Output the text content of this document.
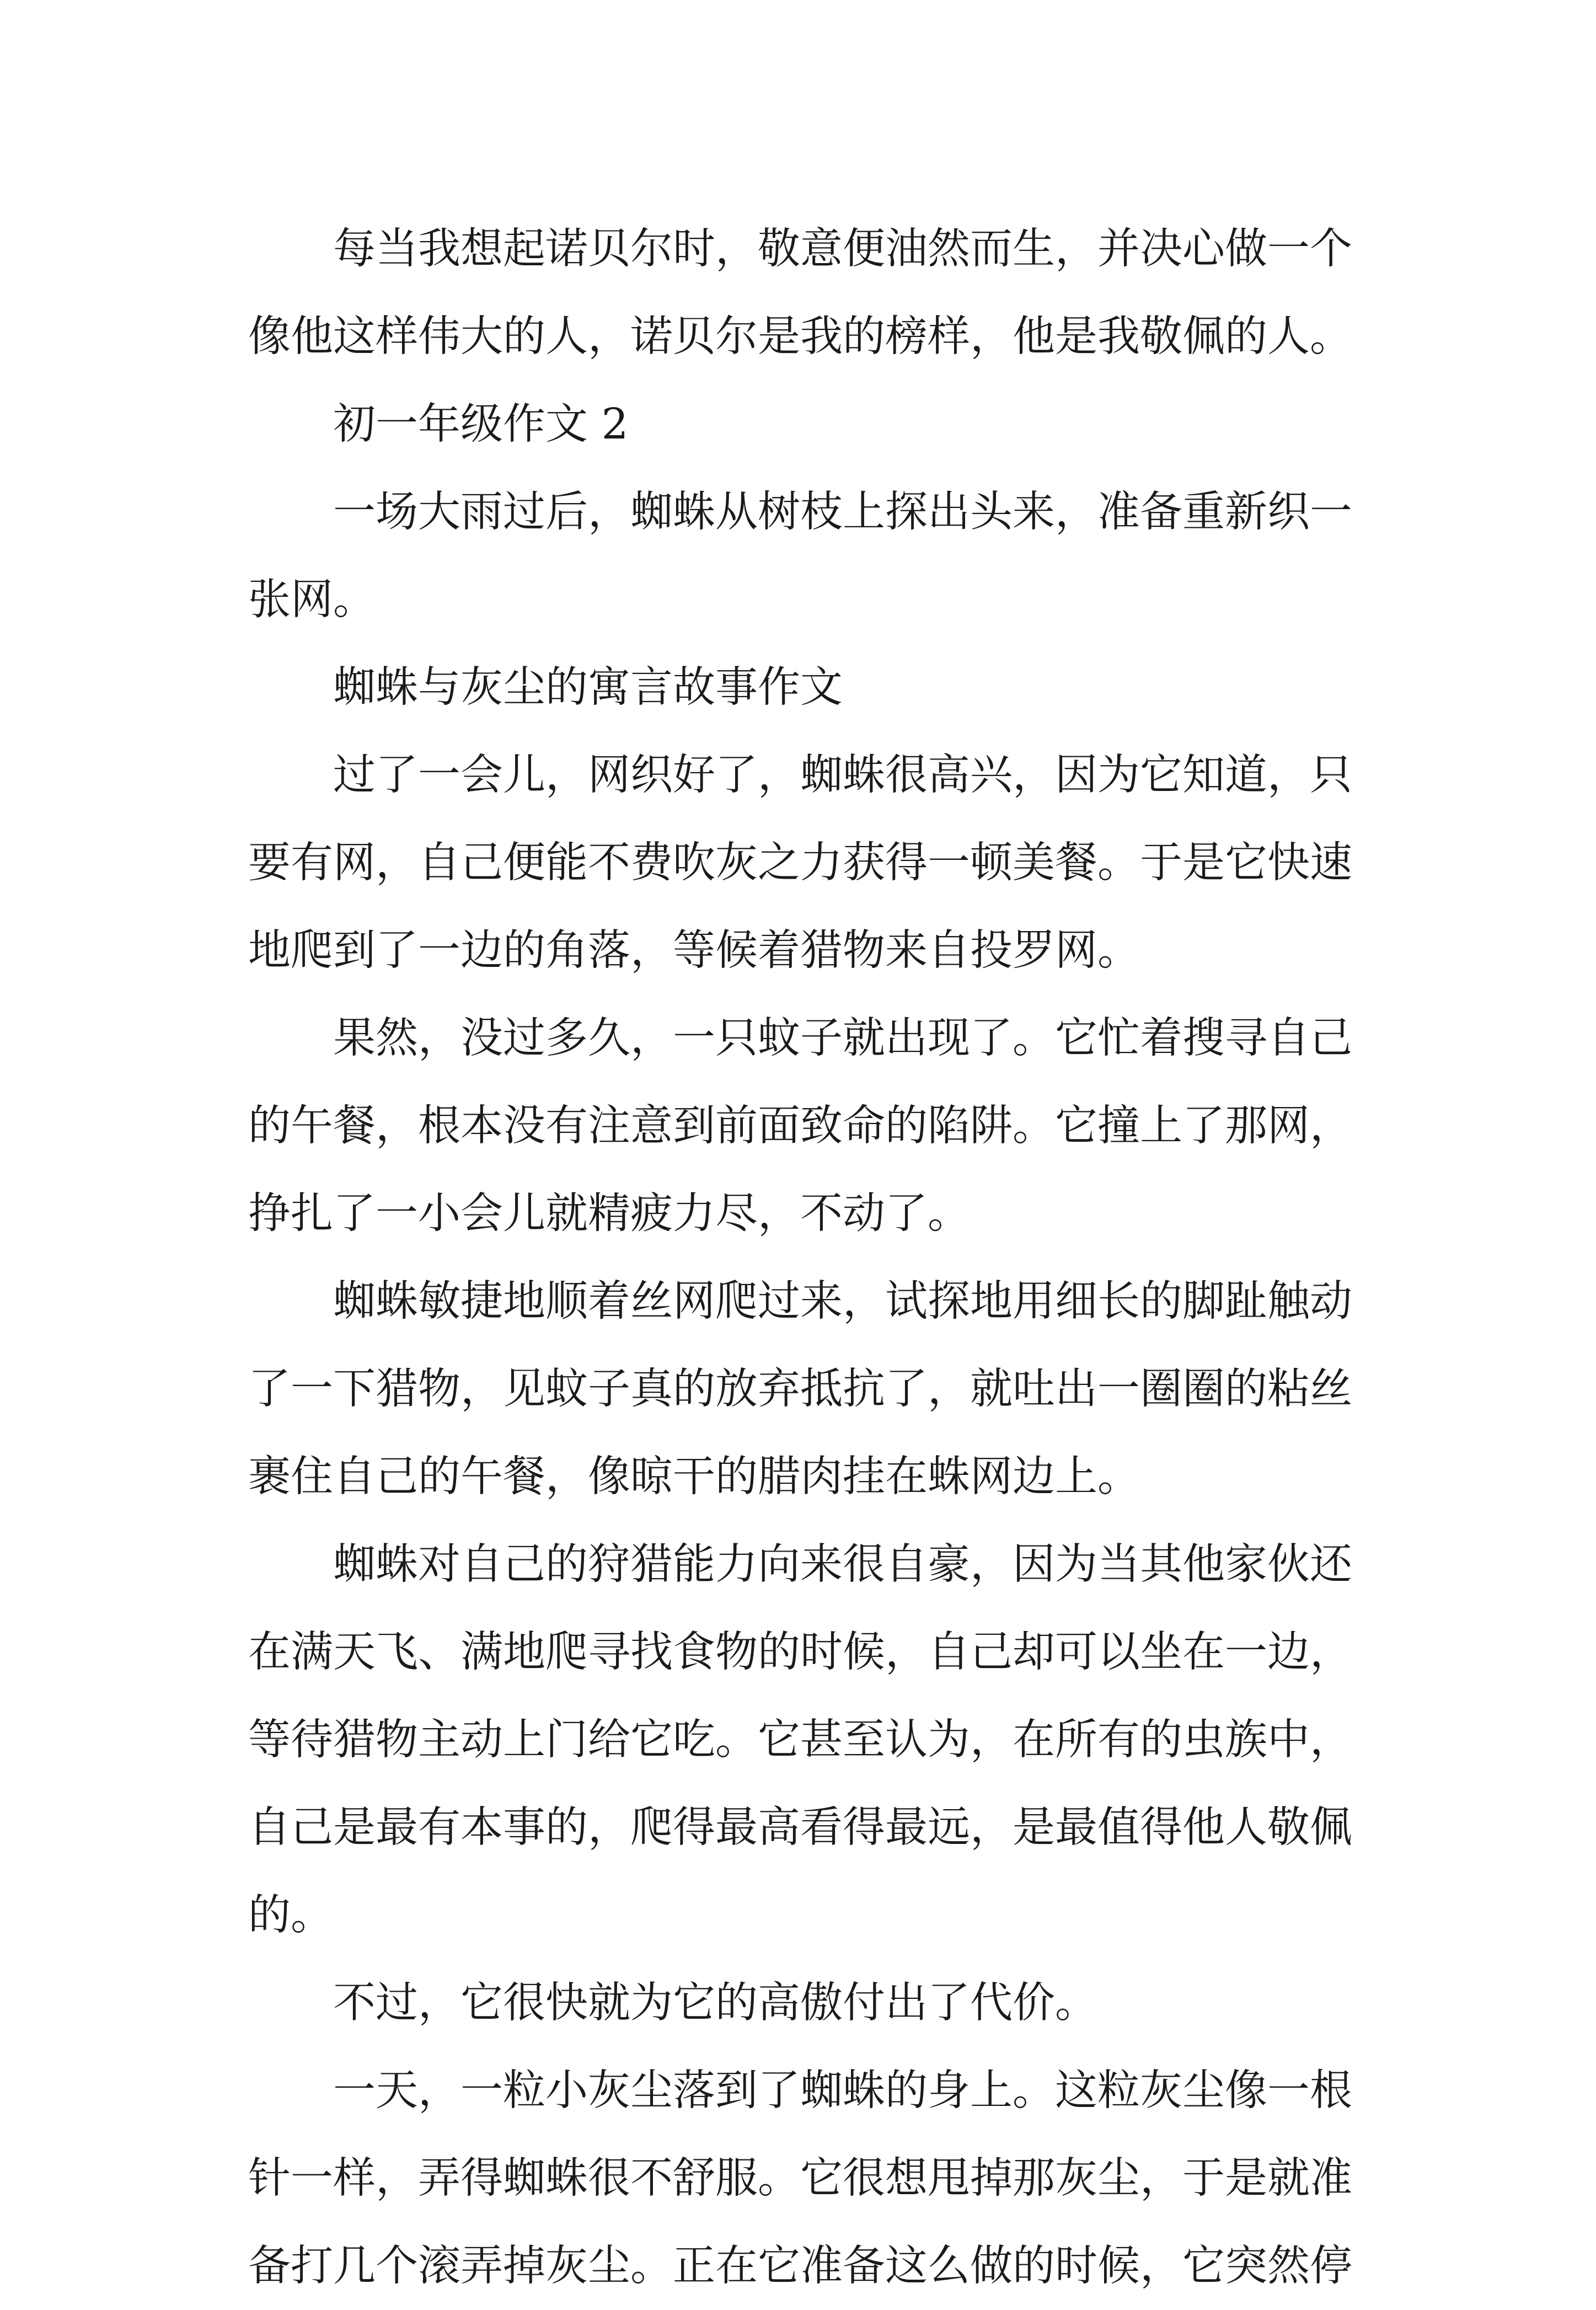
每当我想起诺贝尔时，敬意便油然而生，并决心做一个
像他这样伟大的人，诺贝尔是我的榜样，他是我敬佩的人。
初一年级作文 2
一场大雨过后，蜘蛛从树枝上探出头来，准备重新织一
张网。
蜘蛛与灰尘的寓言故事作文
过了一会儿，网织好了，蜘蛛很高兴，因为它知道，只
要有网，自己便能不费吹灰之力获得一顿美餐。于是它快速
地爬到了一边的角落，等候着猎物来自投罗网。
果然，没过多久，一只蚊子就出现了。它忙着搜寻自己
的午餐，根本没有注意到前面致命的陷阱。它撞上了那网，
挣扎了一小会儿就精疲力尽，不动了。
蜘蛛敏捷地顺着丝网爬过来，试探地用细长的脚趾触动
了一下猎物，见蚊子真的放弃抵抗了，就吐出一圈圈的粘丝
裹住自己的午餐，像晾干的腊肉挂在蛛网边上。
蜘蛛对自己的狩猎能力向来很自豪，因为当其他家伙还
在满天飞、满地爬寻找食物的时候，自己却可以坐在一边，
等待猎物主动上门给它吃。它甚至认为，在所有的虫族中，
自己是最有本事的，爬得最高看得最远，是最值得他人敬佩
的。
不过，它很快就为它的高傲付出了代价。
一天，一粒小灰尘落到了蜘蛛的身上。这粒灰尘像一根
针一样，弄得蜘蛛很不舒服。它很想甩掉那灰尘，于是就准
备打几个滚弄掉灰尘。正在它准备这么做的时候，它突然停
